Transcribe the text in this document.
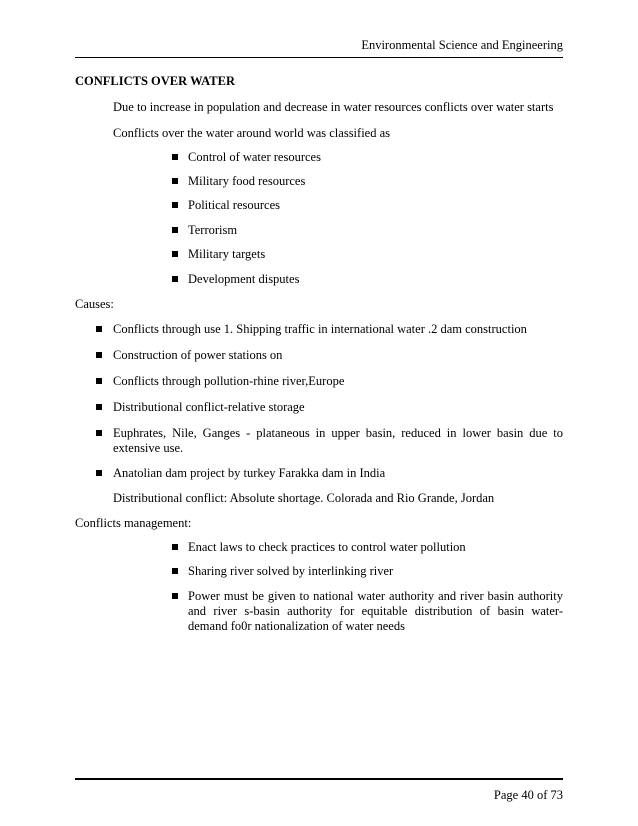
Environmental Science and Engineering
CONFLICTS OVER WATER
Due to increase in population and decrease in water resources conflicts over water starts
Conflicts over the water around world was classified as
Control of water resources
Military food resources
Political resources
Terrorism
Military targets
Development disputes
Causes:
Conflicts through use 1. Shipping traffic in international water .2 dam construction
Construction of power stations on
Conflicts through pollution-rhine river,Europe
Distributional conflict-relative storage
Euphrates, Nile, Ganges - plataneous in upper basin, reduced in lower basin due to extensive use.
Anatolian dam project by turkey Farakka dam in India
Distributional conflict: Absolute shortage. Colorada and Rio Grande, Jordan
Conflicts management:
Enact laws to check practices to control water pollution
Sharing river solved by interlinking river
Power must be given to national water authority and river basin authority and river s-basin authority for equitable distribution of basin water-demand fo0r nationalization of water needs
Page 40 of 73
